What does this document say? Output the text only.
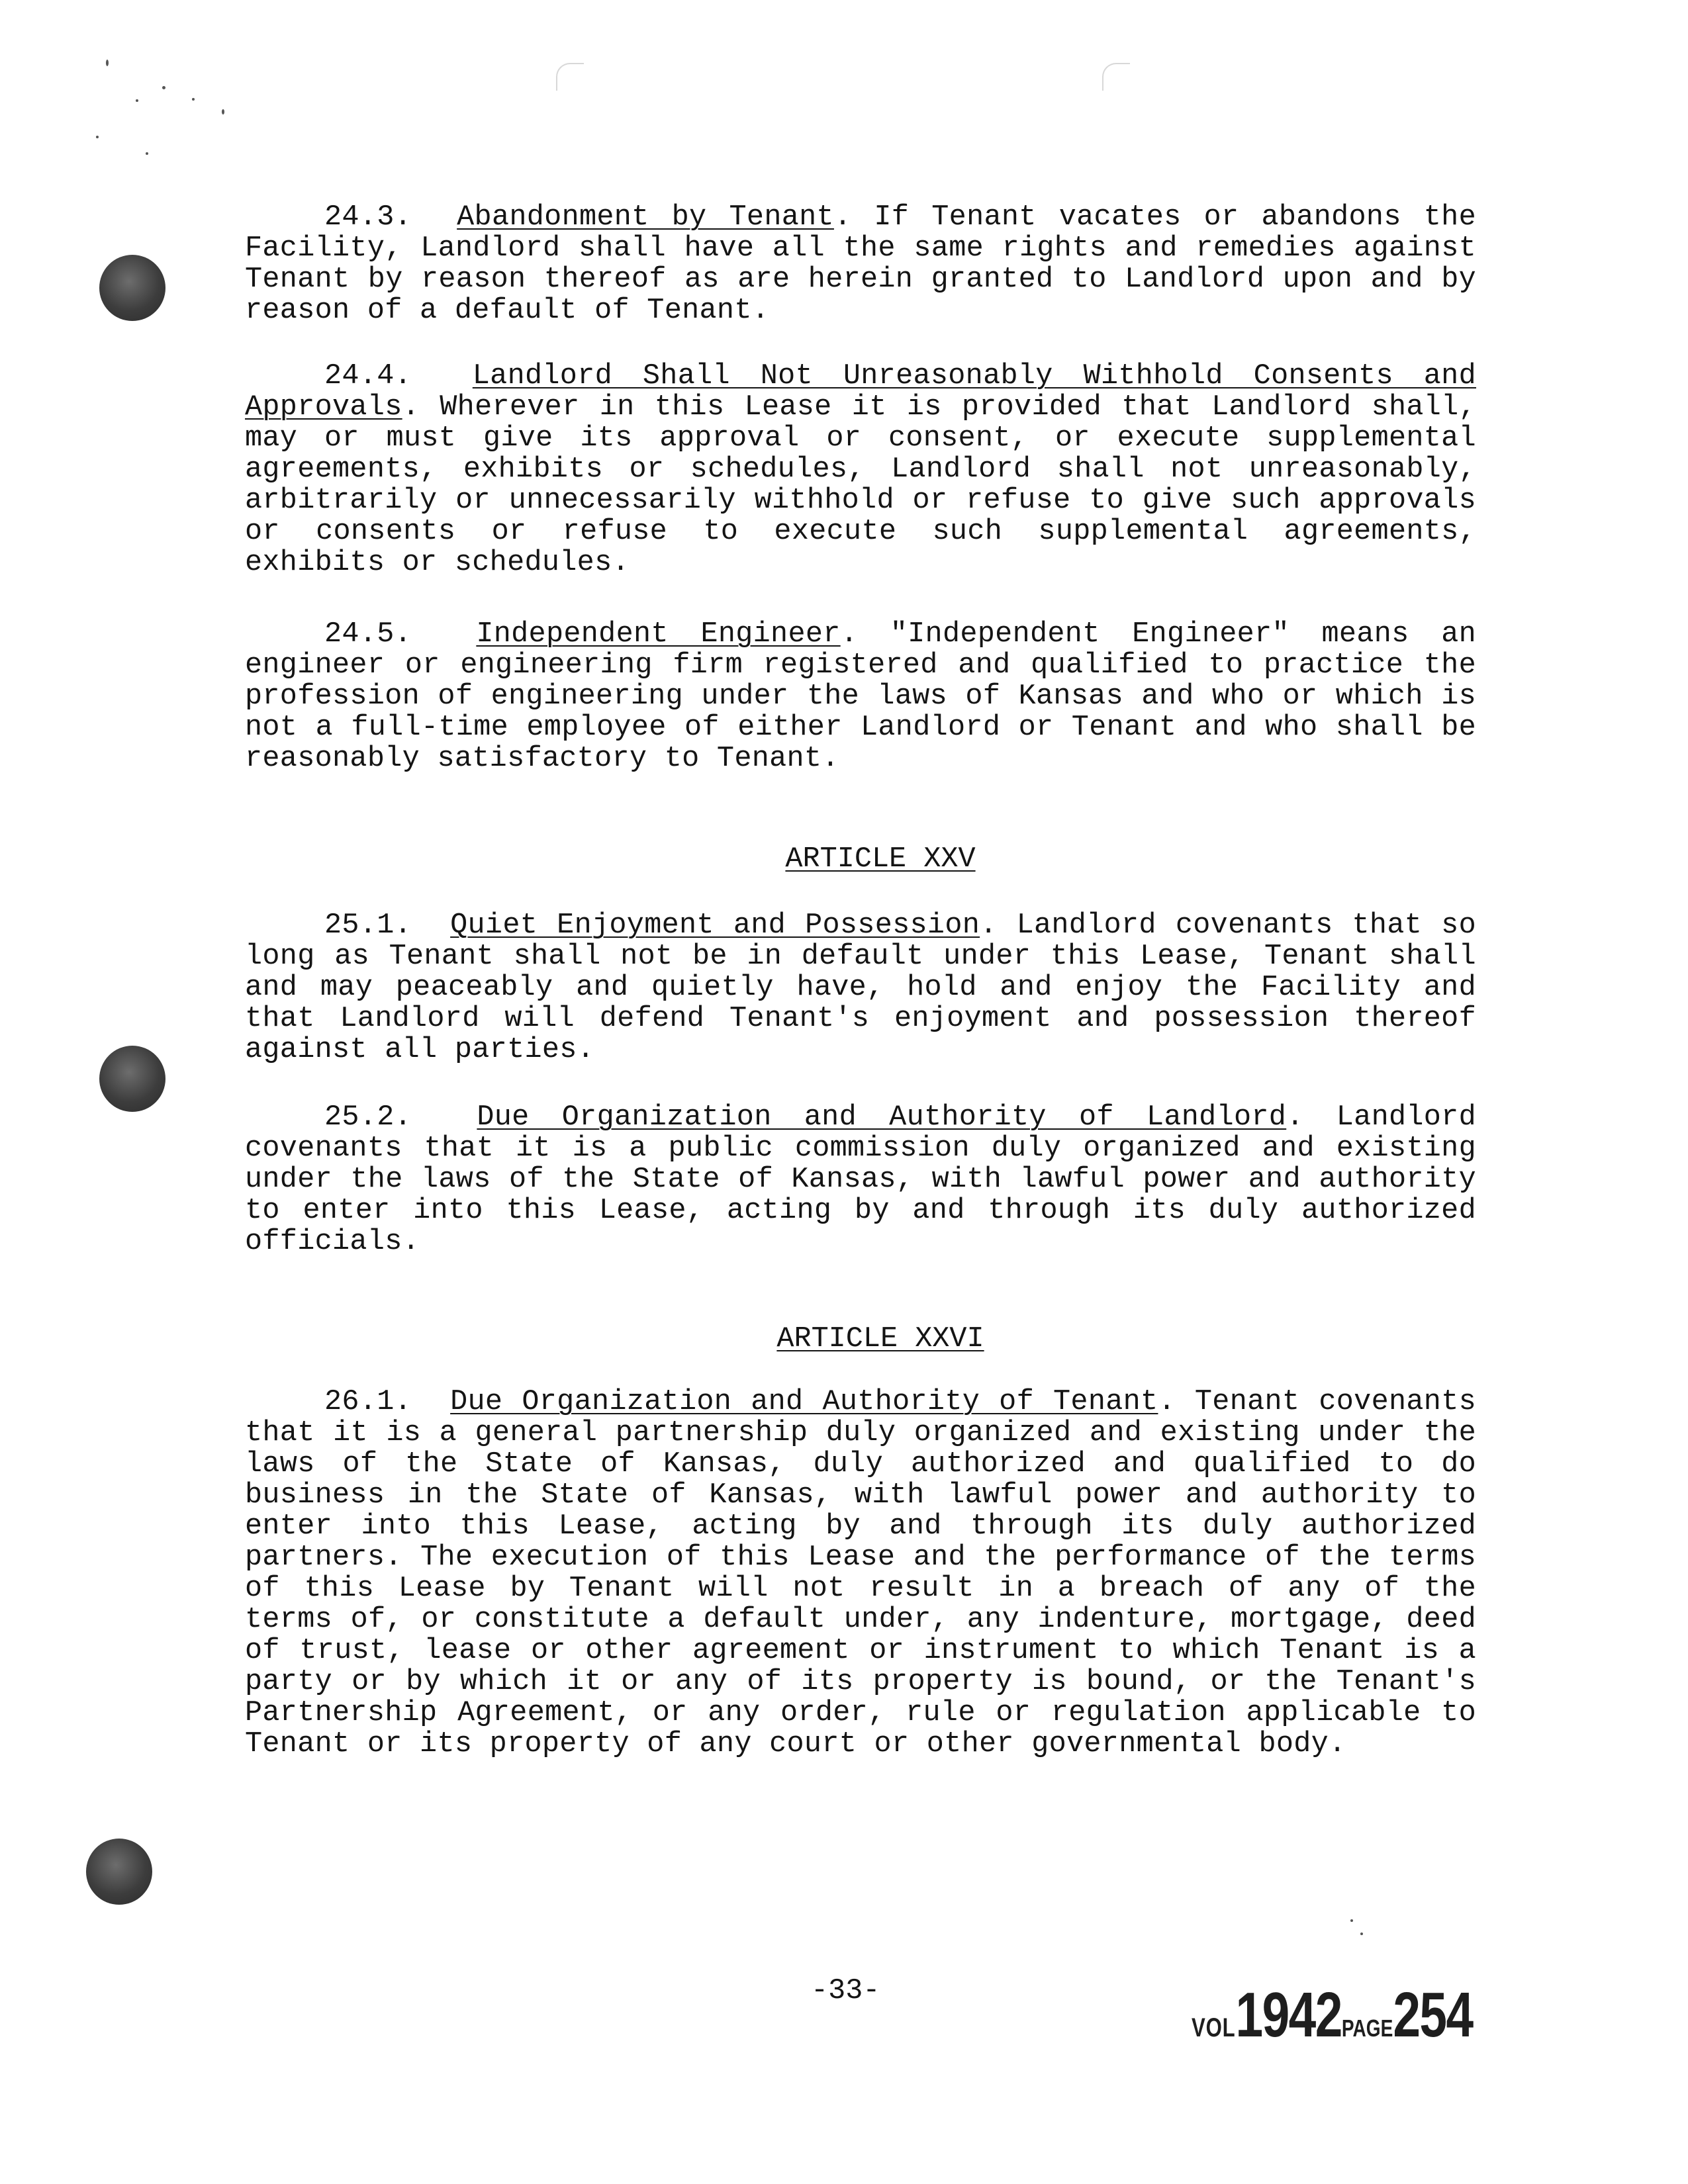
24.3. Abandonment by Tenant. If Tenant vacates or abandons the Facility, Landlord shall have all the same rights and remedies against Tenant by reason thereof as are herein granted to Landlord upon and by reason of a default of Tenant.

24.4. Landlord Shall Not Unreasonably Withhold Consents and Approvals. Wherever in this Lease it is provided that Landlord shall, may or must give its approval or consent, or execute supplemental agreements, exhibits or schedules, Landlord shall not unreasonably, arbitrarily or unnecessarily withhold or refuse to give such approvals or consents or refuse to execute such supplemental agreements, exhibits or schedules.

24.5. Independent Engineer. "Independent Engineer" means an engineer or engineering firm registered and qualified to practice the profession of engineering under the laws of Kansas and who or which is not a full-time employee of either Landlord or Tenant and who shall be reasonably satisfactory to Tenant.

ARTICLE XXV

25.1. Quiet Enjoyment and Possession. Landlord covenants that so long as Tenant shall not be in default under this Lease, Tenant shall and may peaceably and quietly have, hold and enjoy the Facility and that Landlord will defend Tenant's enjoyment and possession thereof against all parties.

25.2. Due Organization and Authority of Landlord. Landlord covenants that it is a public commission duly organized and existing under the laws of the State of Kansas, with lawful power and authority to enter into this Lease, acting by and through its duly authorized officials.

ARTICLE XXVI

26.1. Due Organization and Authority of Tenant. Tenant covenants that it is a general partnership duly organized and existing under the laws of the State of Kansas, duly authorized and qualified to do business in the State of Kansas, with lawful power and authority to enter into this Lease, acting by and through its duly authorized partners. The execution of this Lease and the performance of the terms of this Lease by Tenant will not result in a breach of any of the terms of, or constitute a default under, any indenture, mortgage, deed of trust, lease or other agreement or instrument to which Tenant is a party or by which it or any of its property is bound, or the Tenant's Partnership Agreement, or any order, rule or regulation applicable to Tenant or its property of any court or other governmental body.

-33-
VOL1942PAGE254
